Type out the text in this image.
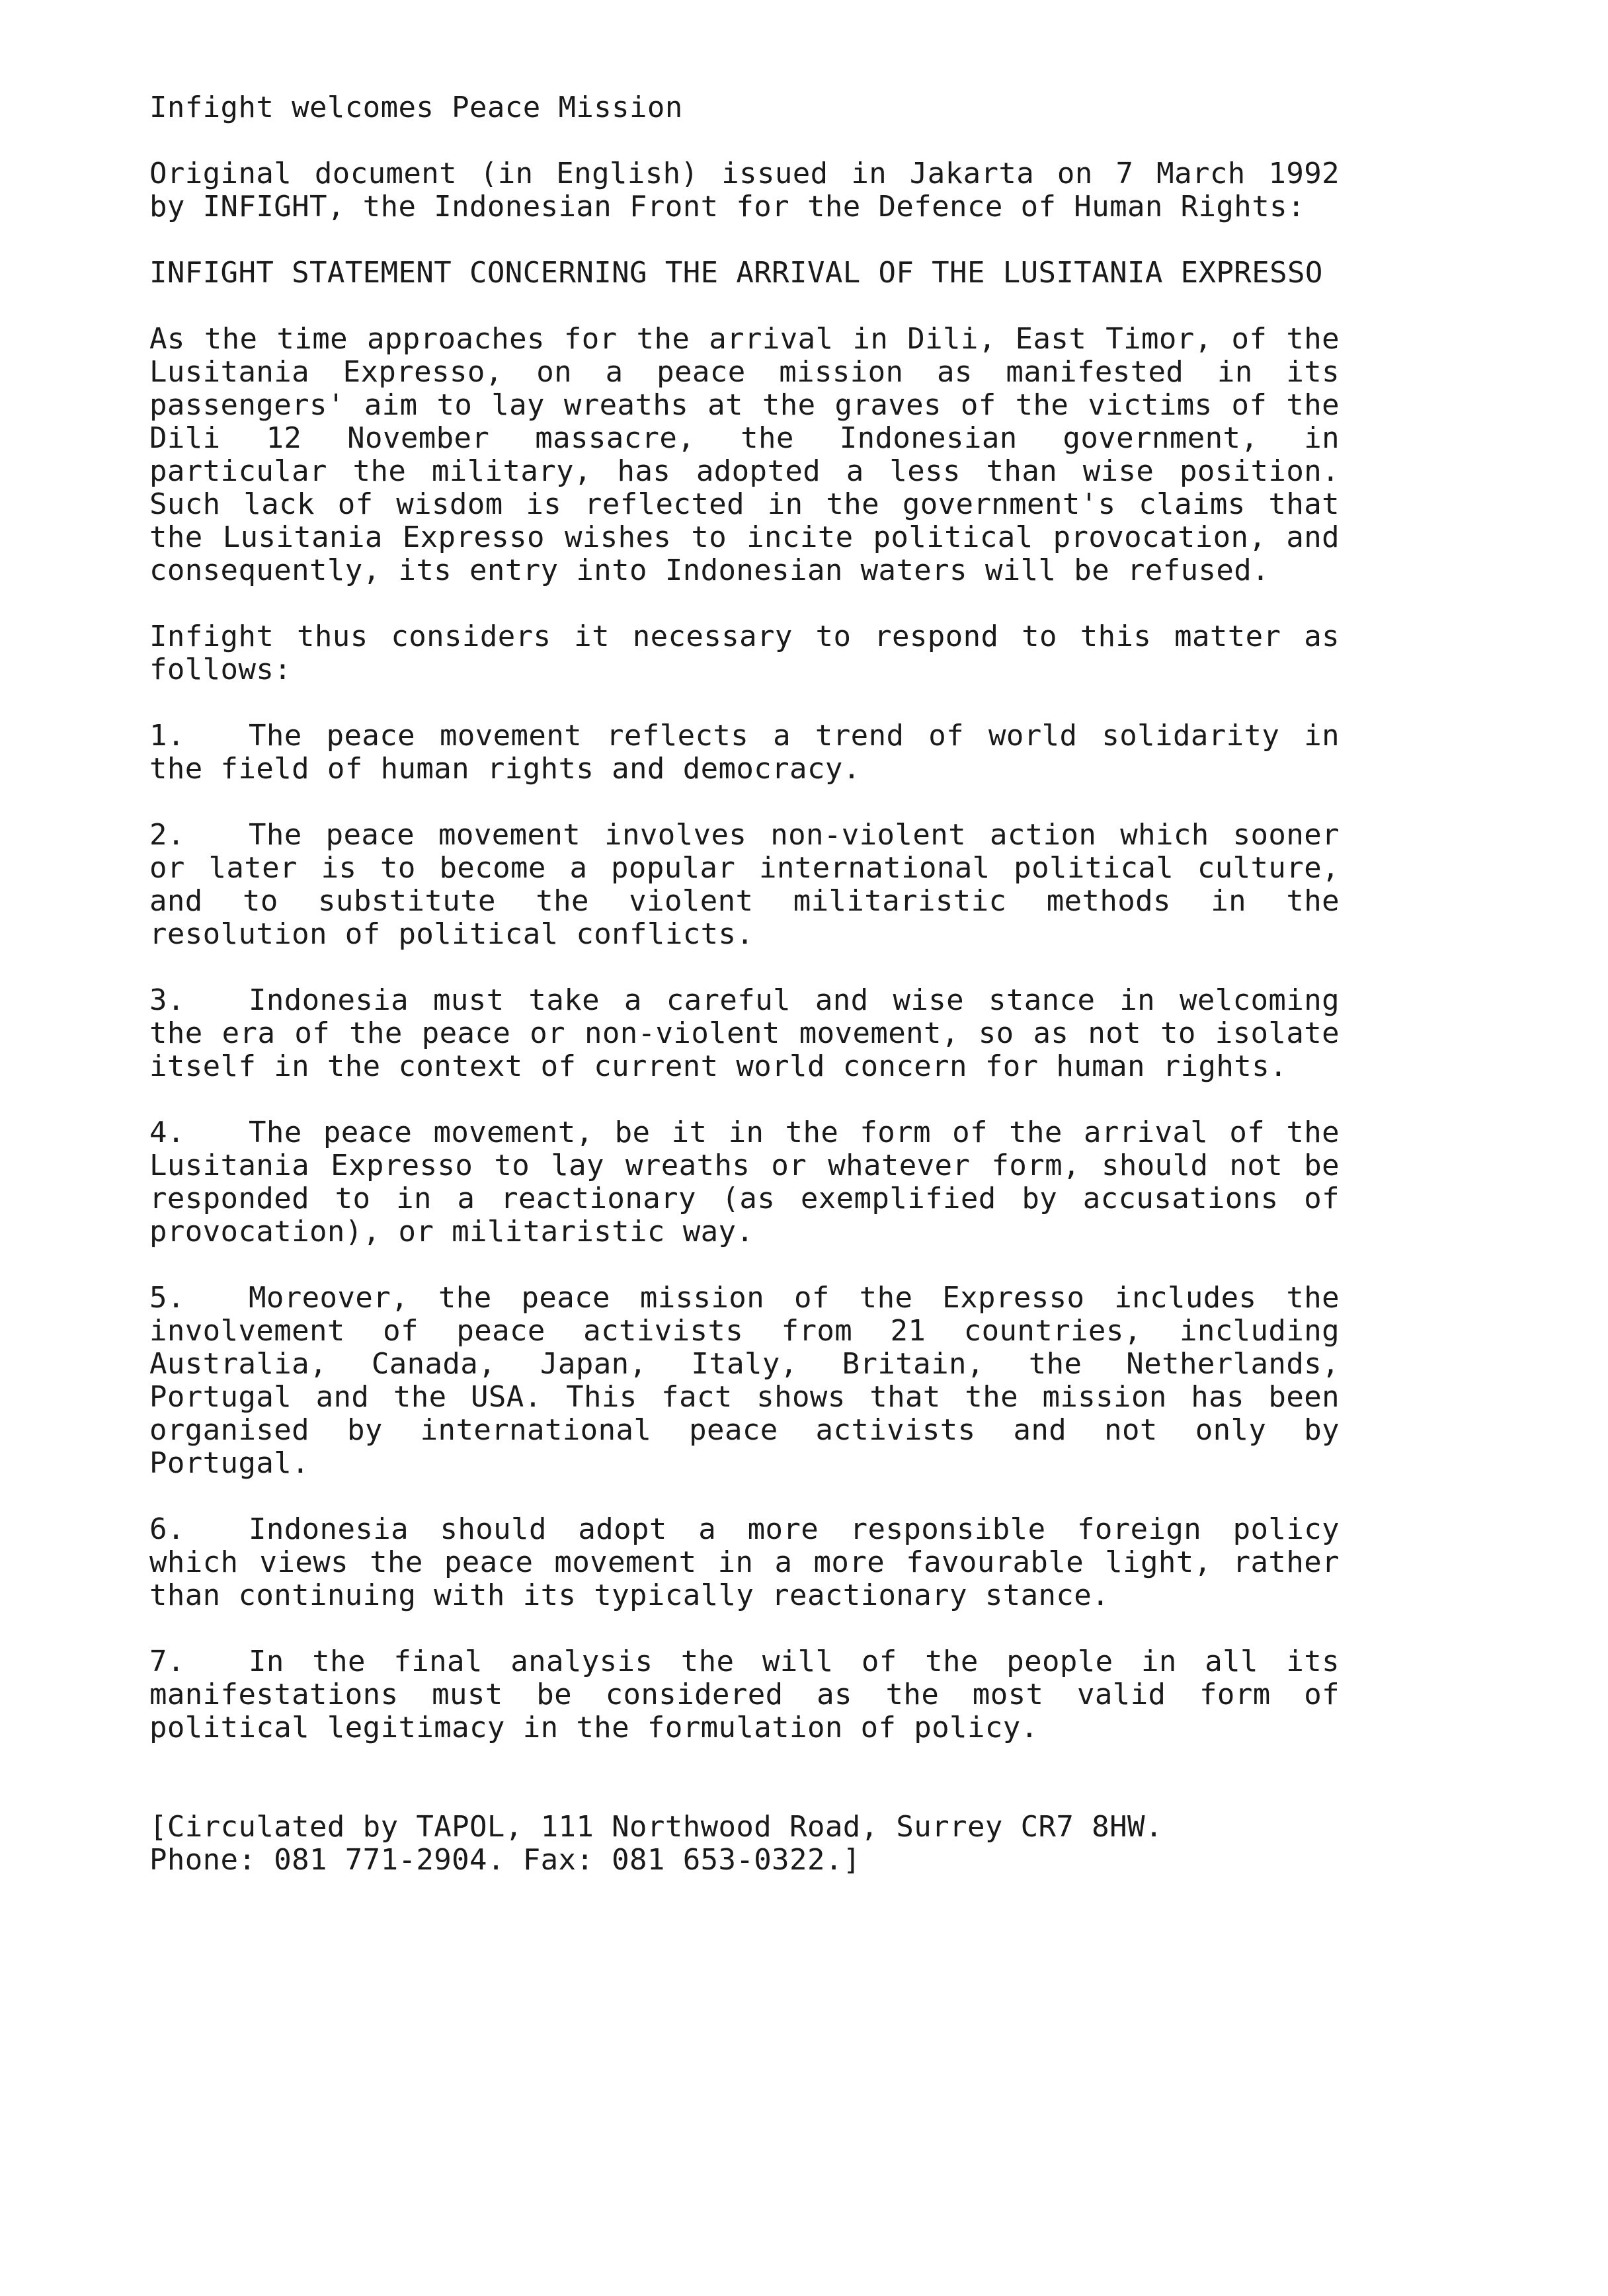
Infight welcomes Peace Mission

Original document (in English) issued in Jakarta on 7 March 1992 by INFIGHT, the Indonesian Front for the Defence of Human Rights:

INFIGHT STATEMENT CONCERNING THE ARRIVAL OF THE LUSITANIA EXPRESSO

As the time approaches for the arrival in Dili, East Timor, of the Lusitania Expresso, on a peace mission as manifested in its passengers' aim to lay wreaths at the graves of the victims of the Dili 12 November massacre, the Indonesian government, in particular the military, has adopted a less than wise position. Such lack of wisdom is reflected in the government's claims that the Lusitania Expresso wishes to incite political provocation, and consequently, its entry into Indonesian waters will be refused.

Infight thus considers it necessary to respond to this matter as follows:

1. The peace movement reflects a trend of world solidarity in the field of human rights and democracy.

2. The peace movement involves non-violent action which sooner or later is to become a popular international political culture, and to substitute the violent militaristic methods in the resolution of political conflicts.

3. Indonesia must take a careful and wise stance in welcoming the era of the peace or non-violent movement, so as not to isolate itself in the context of current world concern for human rights.

4. The peace movement, be it in the form of the arrival of the Lusitania Expresso to lay wreaths or whatever form, should not be responded to in a reactionary (as exemplified by accusations of provocation), or militaristic way.

5. Moreover, the peace mission of the Expresso includes the involvement of peace activists from 21 countries, including Australia, Canada, Japan, Italy, Britain, the Netherlands, Portugal and the USA. This fact shows that the mission has been organised by international peace activists and not only by Portugal.

6. Indonesia should adopt a more responsible foreign policy which views the peace movement in a more favourable light, rather than continuing with its typically reactionary stance.

7. In the final analysis the will of the people in all its manifestations must be considered as the most valid form of political legitimacy in the formulation of policy.

[Circulated by TAPOL, 111 Northwood Road, Surrey CR7 8HW.
Phone: 081 771-2904. Fax: 081 653-0322.]
